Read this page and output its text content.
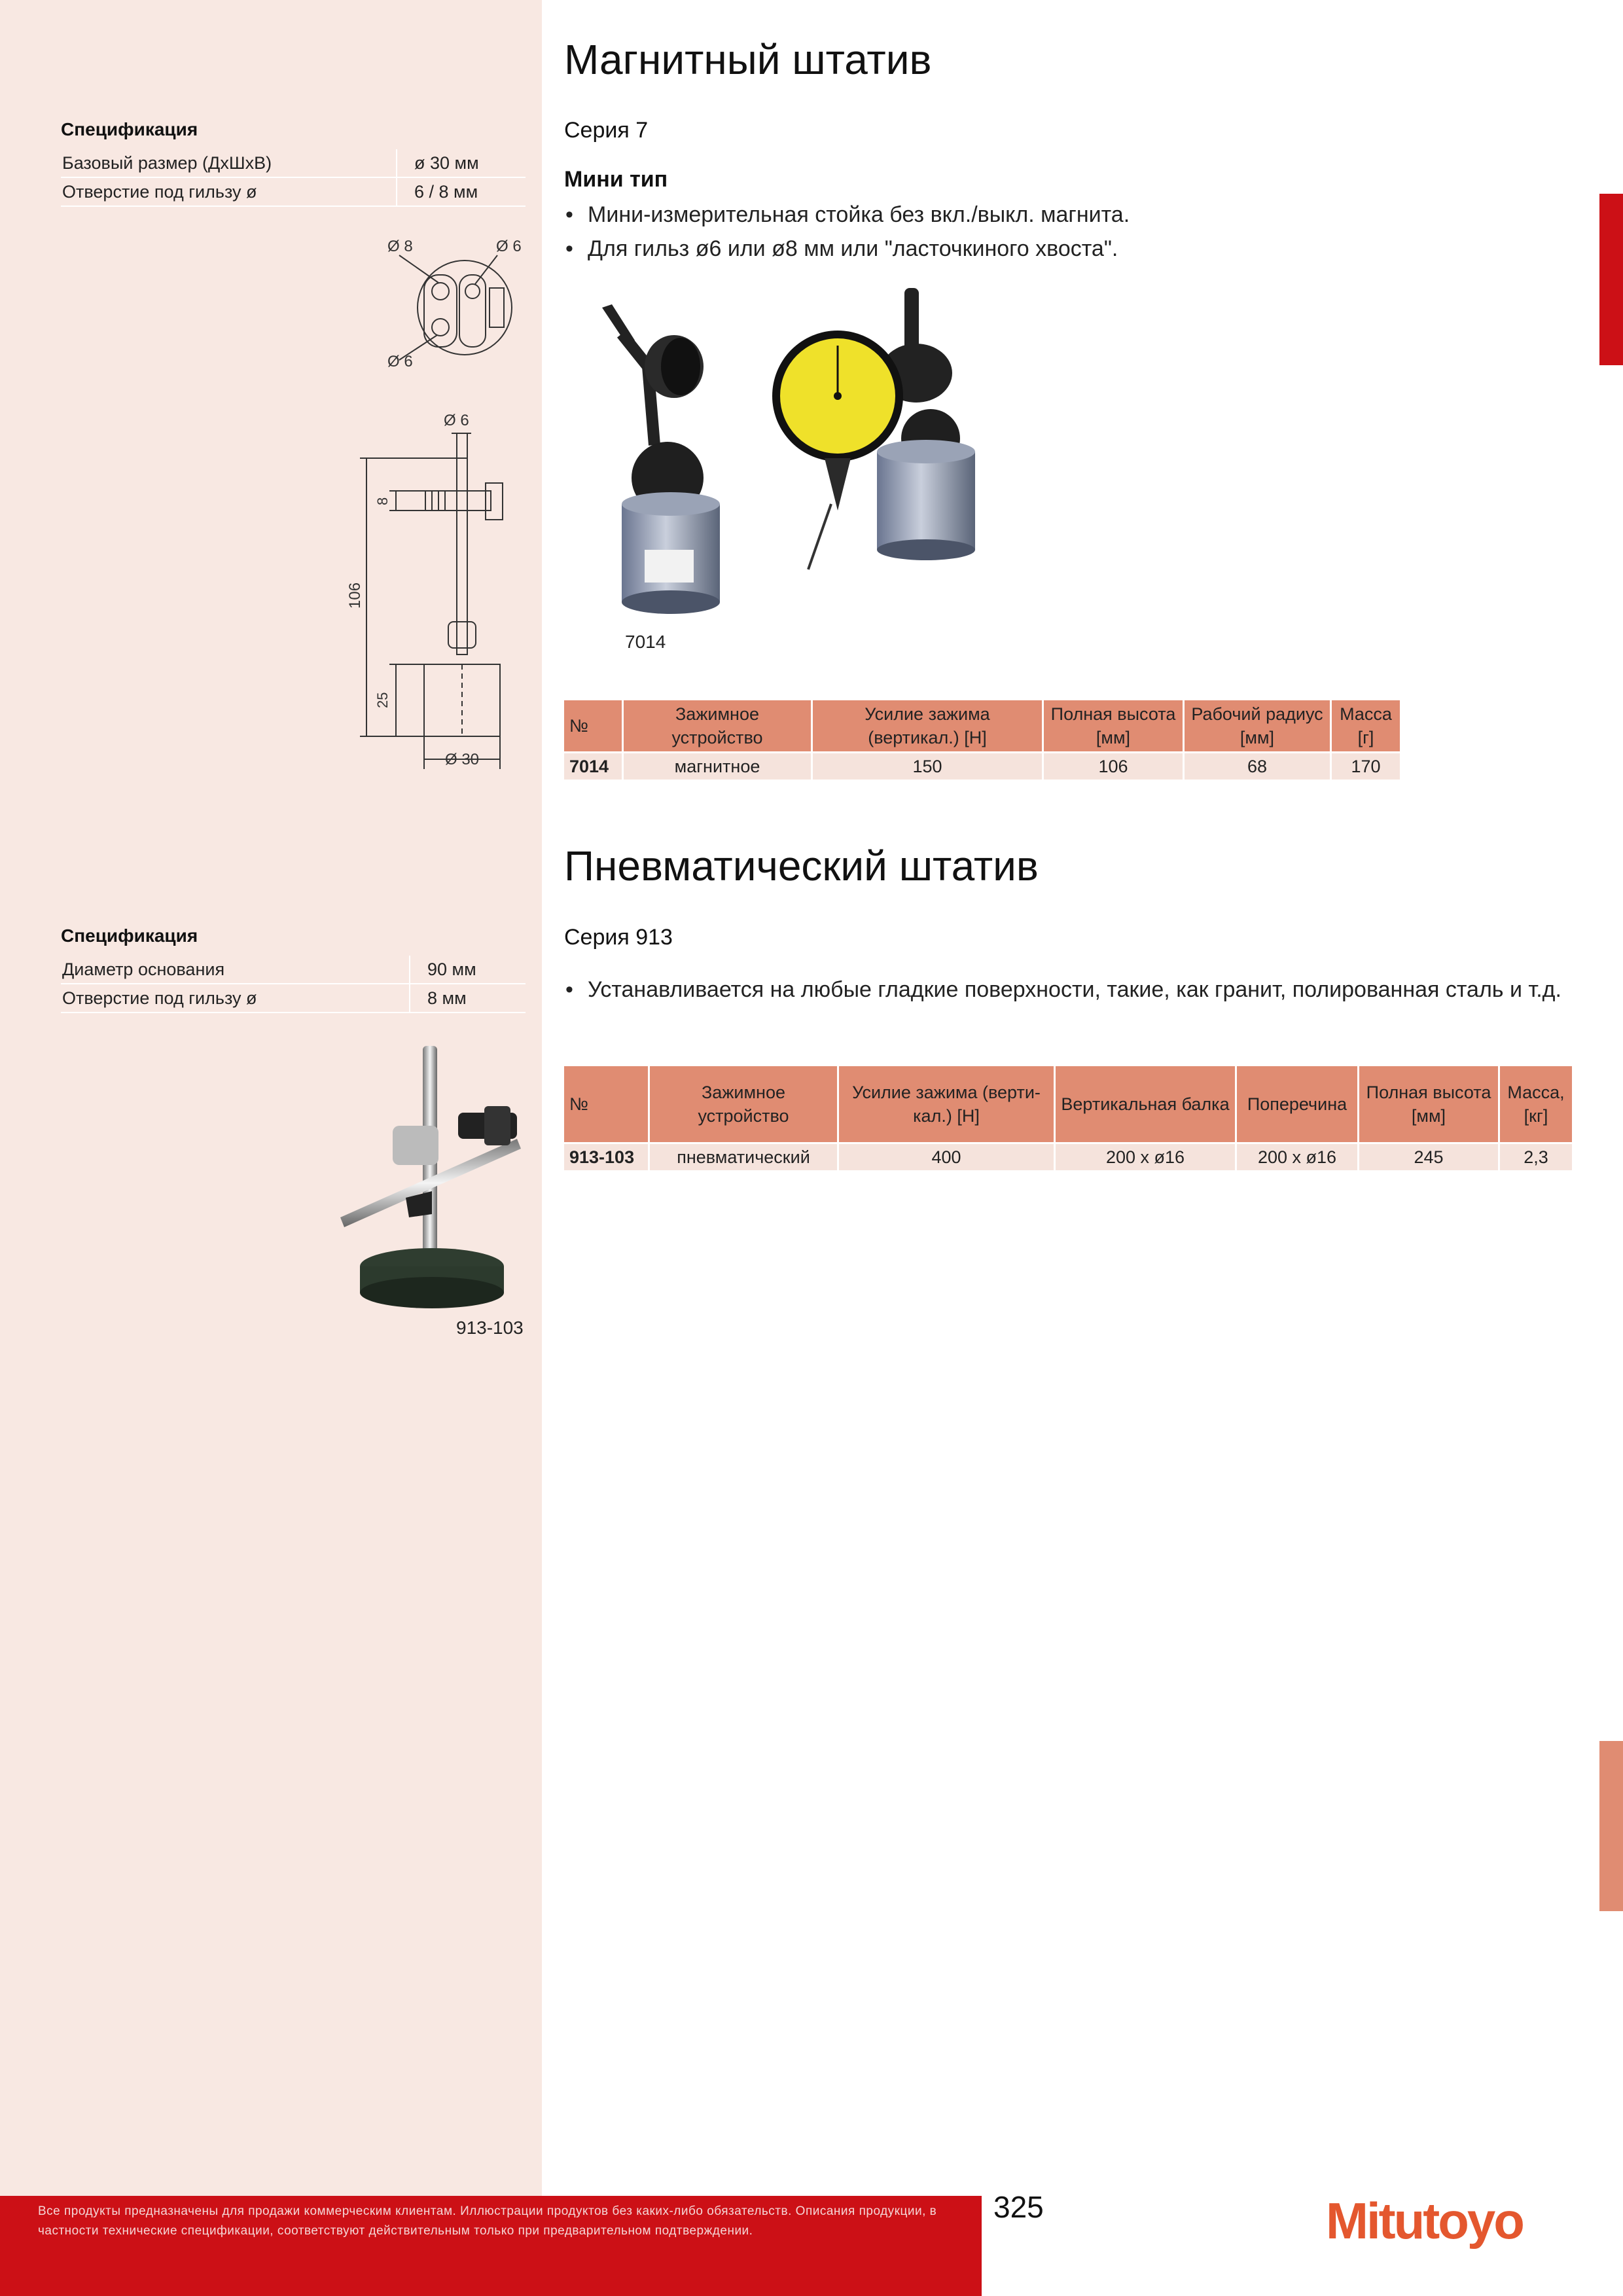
Магнитный штатив
Серия 7
Мини тип
• Мини-измерительная стойка без вкл./выкл. магнита.
• Для гильз ø6 или ø8 мм или "ласточкиного хвоста".
Спецификация
Базовый размер (ДхШхВ)	ø 30 мм
Отверстие под гильзу ø	6 / 8 мм
Ø 8	Ø 6
Ø 6
Ø 6
8
106
25
Ø 30
7014
№	Зажимное устройство	Усилие зажима (вертикал.) [Н]	Полная высота [мм]	Рабочий радиус [мм]	Масса [г]
7014	магнитное	150	106	68	170
Пневматический штатив
Серия 913
• Устанавливается на любые гладкие поверхности, такие, как гранит, полированная сталь и т.д.
Спецификация
Диаметр основания	90 мм
Отверстие под гильзу ø	8 мм
913-103
№	Зажимное устройство	Усилие зажима (верти-кал.) [Н]	Вертикальная балка	Поперечина	Полная высота [мм]	Масса, [кг]
913-103	пневматический	400	200 x ø16	200 x ø16	245	2,3
Все продукты предназначены для продажи коммерческим клиентам. Иллюстрации продуктов без каких-либо обязательств. Описания продукции, в частности технические спецификации, соответствуют действительным только при предварительном подтверждении.
325	Mitutoyo
